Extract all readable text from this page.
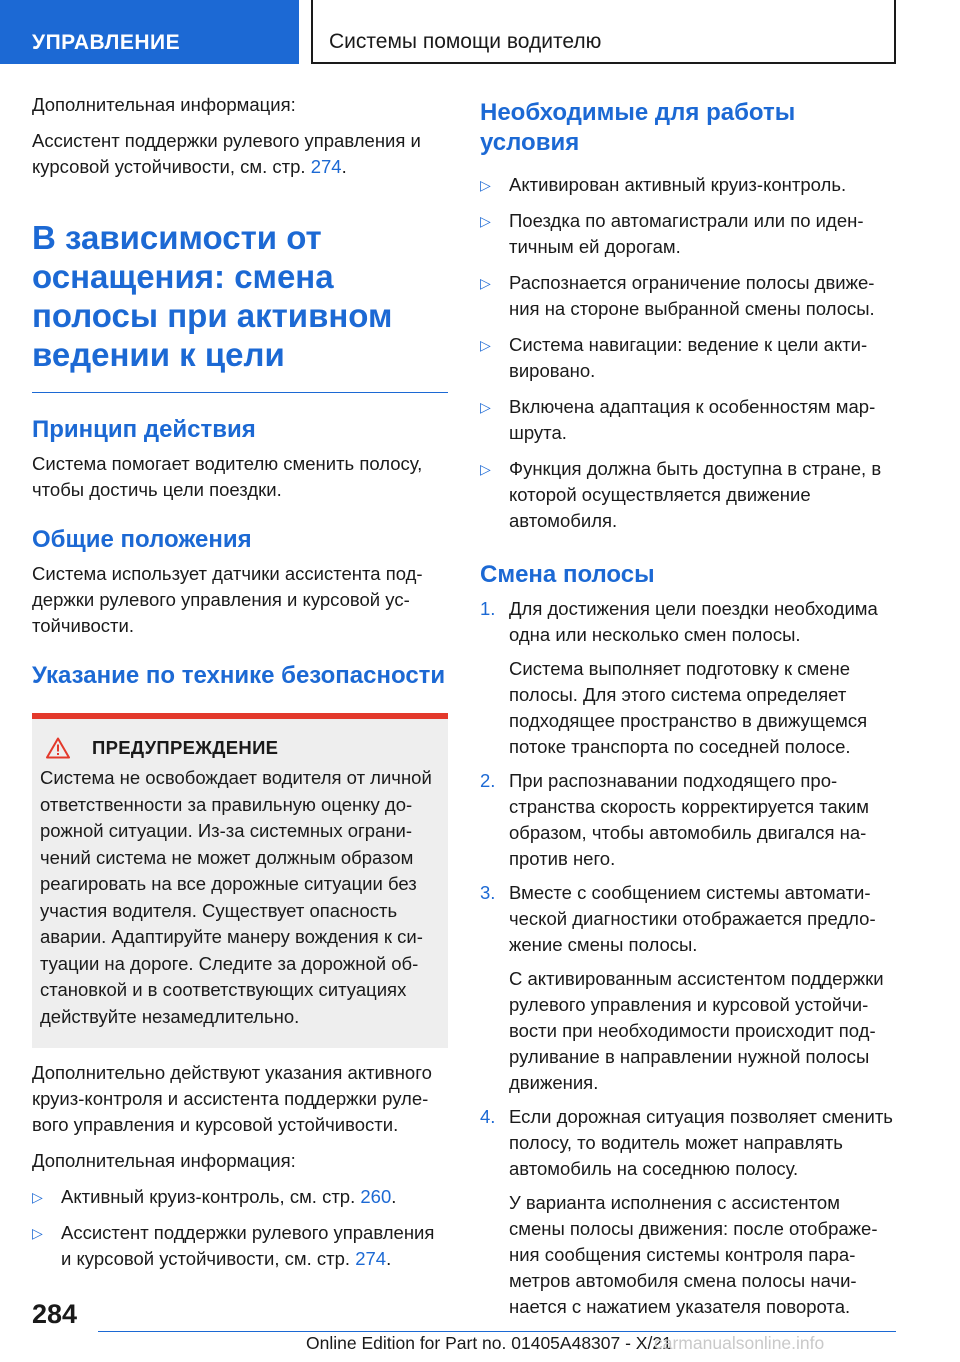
УПРАВЛЕНИЕ	Системы помощи водителю

Дополнительная информация:

Ассистент поддержки рулевого управления и курсовой устойчивости, см. стр. 274.

В зависимости от оснащения: смена полосы при активном ведении к цели
Принцип действия

Система помогает водителю сменить полосу, чтобы достичь цели поездки.

Общие положения

Система использует датчики ассистента поддержки рулевого управления и курсовой устойчивости.

Указание по технике безопасности
ПРЕДУПРЕЖДЕНИЕ
Система не освобождает водителя от личной ответственности за правильную оценку дорожной ситуации. Из-за системных ограничений система не может должным образом реагировать на все дорожные ситуации без участия водителя. Существует опасность аварии. Адаптируйте манеру вождения к ситуации на дороге. Следите за дорожной обстановкой и в соответствующих ситуациях действуйте незамедлительно.

Дополнительно действуют указания активного круиз-контроля и ассистента поддержки рулевого управления и курсовой устойчивости.

Дополнительная информация:

▷ Активный круиз-контроль, см. стр. 260.
▷ Ассистент поддержки рулевого управления и курсовой устойчивости, см. стр. 274.
Необходимые для работы условия
▷ Активирован активный круиз-контроль.
▷ Поездка по автомагистрали или по идентичным ей дорогам.
▷ Распознается ограничение полосы движения на стороне выбранной смены полосы.
▷ Система навигации: ведение к цели активировано.
▷ Включена адаптация к особенностям маршрута.
▷ Функция должна быть доступна в стране, в которой осуществляется движение автомобиля.
Смена полосы
1. Для достижения цели поездки необходима одна или несколько смен полосы.
Система выполняет подготовку к смене полосы. Для этого система определяет подходящее пространство в движущемся потоке транспорта по соседней полосе.
2. При распознавании подходящего пространства скорость корректируется таким образом, чтобы автомобиль двигался напротив него.
3. Вместе с сообщением системы автоматической диагностики отображается предложение смены полосы.
С активированным ассистентом поддержки рулевого управления и курсовой устойчивости при необходимости происходит подруливание в направлении нужной полосы движения.
4. Если дорожная ситуация позволяет сменить полосу, то водитель может направлять автомобиль на соседнюю полосу.
У варианта исполнения с ассистентом смены полосы движения: после отображения сообщения системы контроля параметров автомобиля смена полосы начинается с нажатием указателя поворота.
284
Online Edition for Part no. 01405A48307 - X/21
carmanualsonline.info
